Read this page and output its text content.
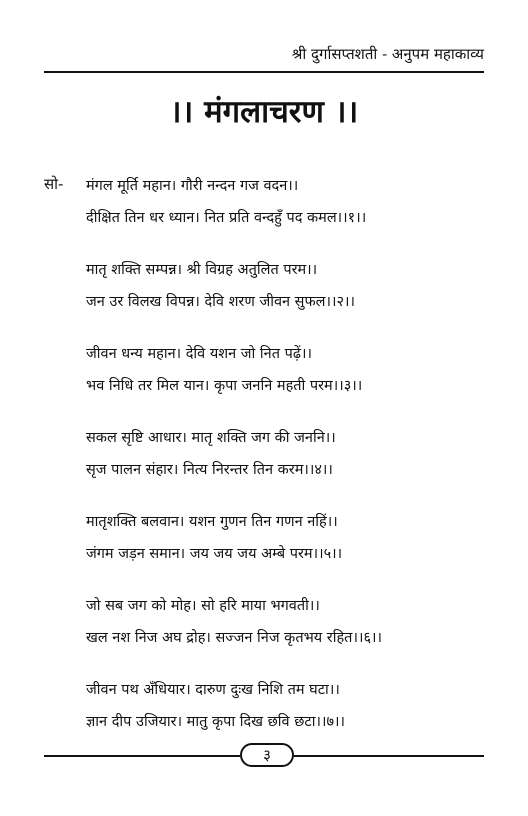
श्री दुर्गासप्तशती - अनुपम महाकाव्य
।। मंगलाचरण ।।
सो- मंगल मूर्ति महान। गौरी नन्दन गज वदन।।
दीक्षित तिन धर ध्यान। नित प्रति वन्दहुँ पद कमल।।१।।
मातृ शक्ति सम्पन्न। श्री विग्रह अतुलित परम।।
जन उर विलख विपन्न। देवि शरण जीवन सुफल।।२।।
जीवन धन्य महान। देवि यशन जो नित पढ़ें।।
भव निधि तर मिल यान। कृपा जननि महती परम।।३।।
सकल सृष्टि आधार। मातृ शक्ति जग की जननि।।
सृज पालन संहार। नित्य निरन्तर तिन करम।।४।।
मातृशक्ति बलवान। यशन गुणन तिन गणन नहिं।।
जंगम जड़न समान। जय जय जय अम्बे परम।।५।।
जो सब जग को मोह। सो हरि माया भगवती।।
खल नश निज अघ द्रोह। सज्जन निज कृतभय रहित।।६।।
जीवन पथ अँधियार। दारुण दुःख निशि तम घटा।।
ज्ञान दीप उजियार। मातु कृपा दिख छवि छटा।।७।।
३
